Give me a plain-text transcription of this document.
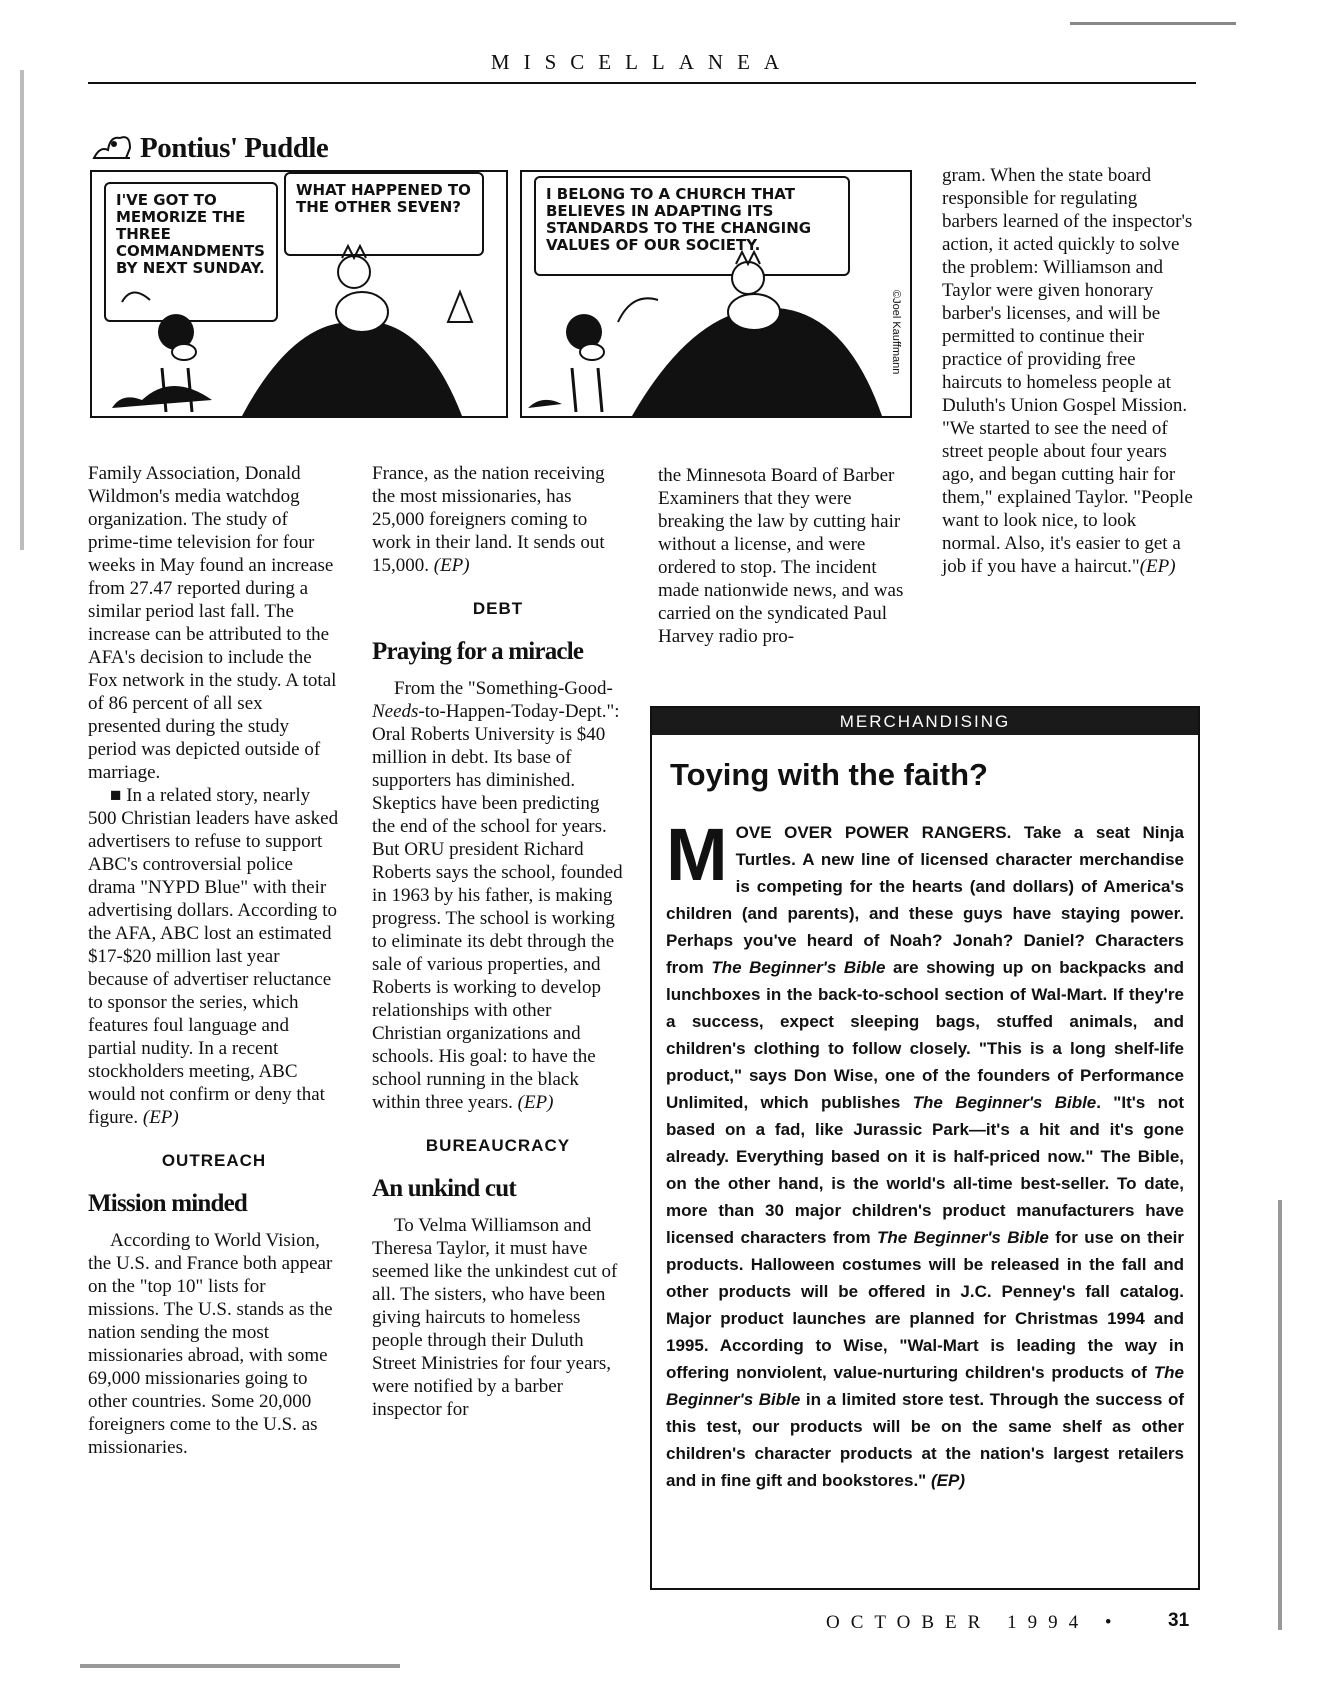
MISCELLANEA
Pontius' Puddle
I'VE GOT TO MEMORIZE THE THREE COMMANDMENTS BY NEXT SUNDAY.
WHAT HAPPENED TO THE OTHER SEVEN?
I BELONG TO A CHURCH THAT BELIEVES IN ADAPTING ITS STANDARDS TO THE CHANGING VALUES OF OUR SOCIETY.
©Joel Kauffmann

Family Association, Donald Wildmon's media watchdog organization. The study of prime-time television for four weeks in May found an increase from 27.47 reported during a similar period last fall. The increase can be attributed to the AFA's decision to include the Fox network in the study. A total of 86 percent of all sex presented during the study period was depicted outside of marriage.

■ In a related story, nearly 500 Christian leaders have asked advertisers to refuse to support ABC's controversial police drama "NYPD Blue" with their advertising dollars. According to the AFA, ABC lost an estimated $17-$20 million last year because of advertiser reluctance to sponsor the series, which features foul language and partial nudity. In a recent stockholders meeting, ABC would not confirm or deny that figure. (EP)

OUTREACH
Mission minded

According to World Vision, the U.S. and France both appear on the "top 10" lists for missions. The U.S. stands as the nation sending the most missionaries abroad, with some 69,000 missionaries going to other countries. Some 20,000 foreigners come to the U.S. as missionaries.

France, as the nation receiving the most missionaries, has 25,000 foreigners coming to work in their land. It sends out 15,000. (EP)

DEBT
Praying for a miracle

From the "Something-Good-Needs-to-Happen-Today-Dept.": Oral Roberts University is $40 million in debt. Its base of supporters has diminished. Skeptics have been predicting the end of the school for years. But ORU president Richard Roberts says the school, founded in 1963 by his father, is making progress. The school is working to eliminate its debt through the sale of various properties, and Roberts is working to develop relationships with other Christian organizations and schools. His goal: to have the school running in the black within three years. (EP)

BUREAUCRACY
An unkind cut

To Velma Williamson and Theresa Taylor, it must have seemed like the unkindest cut of all. The sisters, who have been giving haircuts to homeless people through their Duluth Street Ministries for four years, were notified by a barber inspector for

the Minnesota Board of Barber Examiners that they were breaking the law by cutting hair without a license, and were ordered to stop. The incident made nationwide news, and was carried on the syndicated Paul Harvey radio pro-

gram. When the state board responsible for regulating barbers learned of the inspector's action, it acted quickly to solve the problem: Williamson and Taylor were given honorary barber's licenses, and will be permitted to continue their practice of providing free haircuts to homeless people at Duluth's Union Gospel Mission. "We started to see the need of street people about four years ago, and began cutting hair for them," explained Taylor. "People want to look nice, to look normal. Also, it's easier to get a job if you have a haircut."(EP)

MERCHANDISING
Toying with the faith?
MOVE OVER POWER RANGERS. Take a seat Ninja Turtles. A new line of licensed character merchandise is competing for the hearts (and dollars) of America's children (and parents), and these guys have staying power. Perhaps you've heard of Noah? Jonah? Daniel? Characters from The Beginner's Bible are showing up on backpacks and lunchboxes in the back-to-school section of Wal-Mart. If they're a success, expect sleeping bags, stuffed animals, and children's clothing to follow closely. "This is a long shelf-life product," says Don Wise, one of the founders of Performance Unlimited, which publishes The Beginner's Bible. "It's not based on a fad, like Jurassic Park—it's a hit and it's gone already. Everything based on it is half-priced now." The Bible, on the other hand, is the world's all-time best-seller. To date, more than 30 major children's product manufacturers have licensed characters from The Beginner's Bible for use on their products. Halloween costumes will be released in the fall and other products will be offered in J.C. Penney's fall catalog. Major product launches are planned for Christmas 1994 and 1995. According to Wise, "Wal-Mart is leading the way in offering nonviolent, value-nurturing children's products of The Beginner's Bible in a limited store test. Through the success of this test, our products will be on the same shelf as other children's character products at the nation's largest retailers and in fine gift and bookstores." (EP)
OCTOBER 1994 •	31
